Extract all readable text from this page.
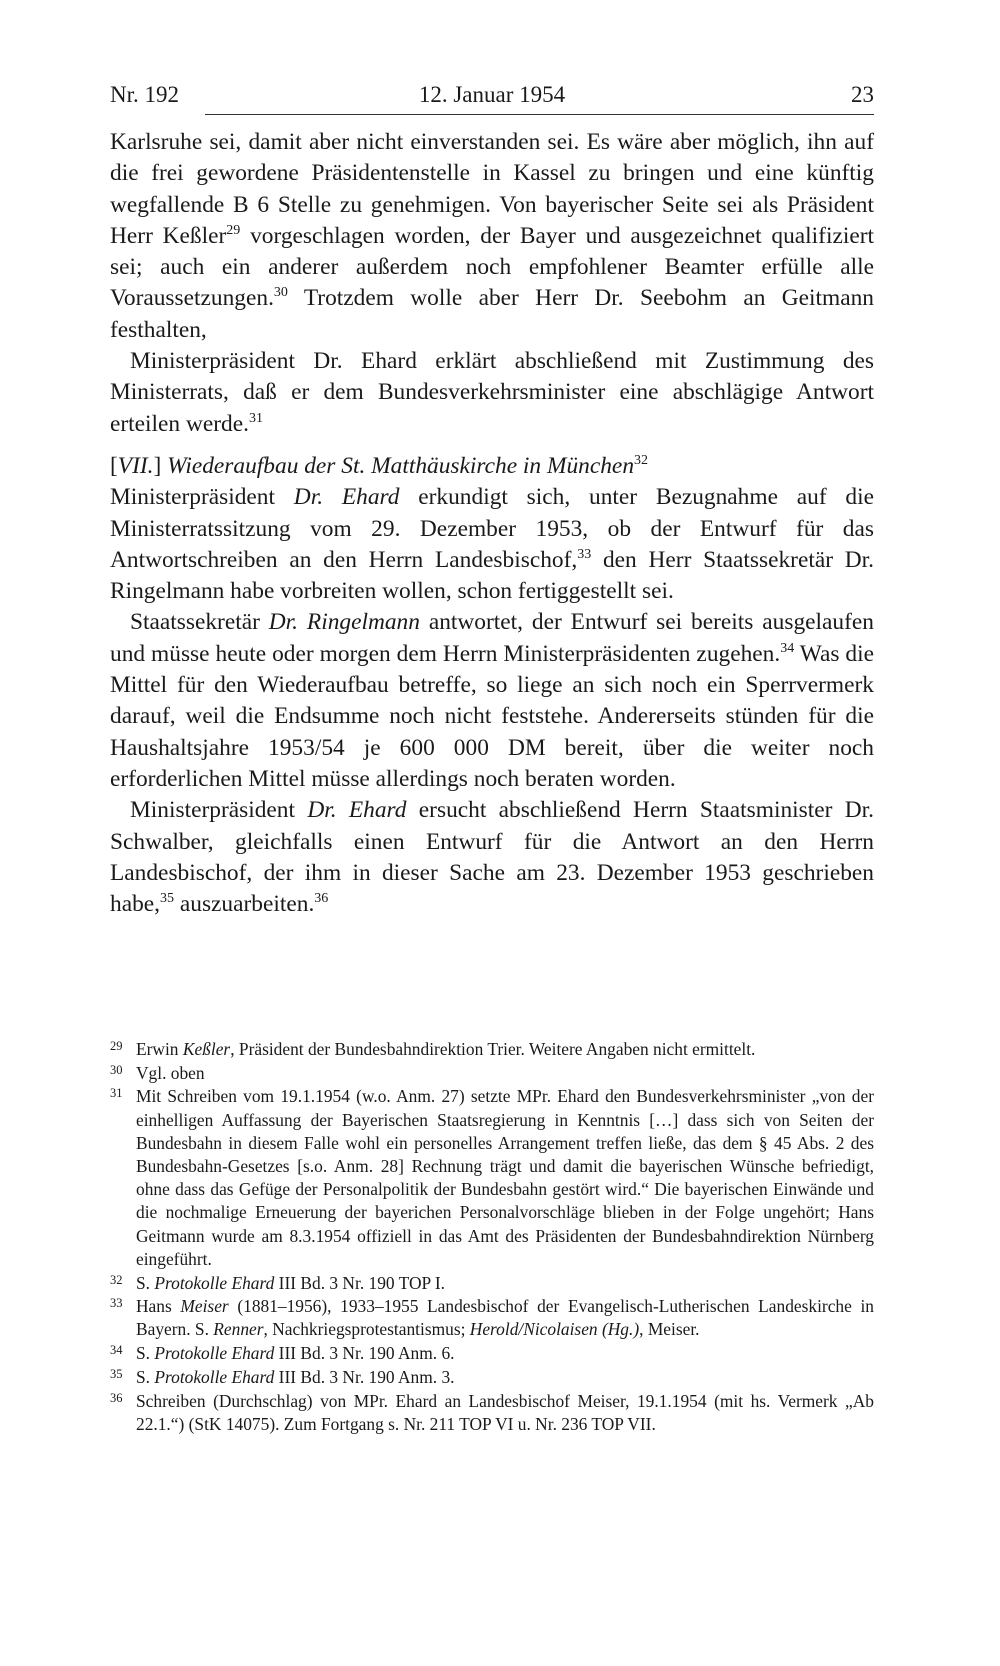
Nr. 192	12. Januar 1954	23

Karlsruhe sei, damit aber nicht einverstanden sei. Es wäre aber möglich, ihn auf die frei gewordene Präsidentenstelle in Kassel zu bringen und eine künftig wegfallende B 6 Stelle zu genehmigen. Von bayerischer Seite sei als Präsident Herr Keßler$^{29}$ vorgeschlagen worden, der Bayer und ausgezeichnet qualifiziert sei; auch ein anderer außerdem noch empfohlener Beamter erfülle alle Voraussetzungen.$^{30}$ Trotzdem wolle aber Herr Dr. Seebohm an Geitmann festhalten,

Ministerpräsident Dr. Ehard erklärt abschließend mit Zustimmung des Ministerrats, daß er dem Bundesverkehrsminister eine abschlägige Antwort erteilen werde.$^{31}$

[VII.] Wiederaufbau der St. Matthäuskirche in München$^{32}$

Ministerpräsident Dr. Ehard erkundigt sich, unter Bezugnahme auf die Ministerratssitzung vom 29. Dezember 1953, ob der Entwurf für das Antwortschreiben an den Herrn Landesbischof,$^{33}$ den Herr Staatssekretär Dr. Ringelmann habe vorbreiten wollen, schon fertiggestellt sei.

Staatssekretär Dr. Ringelmann antwortet, der Entwurf sei bereits ausgelaufen und müsse heute oder morgen dem Herrn Ministerpräsidenten zugehen.$^{34}$ Was die Mittel für den Wiederaufbau betreffe, so liege an sich noch ein Sperrvermerk darauf, weil die Endsumme noch nicht feststehe. Andererseits stünden für die Haushaltsjahre 1953/54 je 600 000 DM bereit, über die weiter noch erforderlichen Mittel müsse allerdings noch beraten worden.

Ministerpräsident Dr. Ehard ersucht abschließend Herrn Staatsminister Dr. Schwalber, gleichfalls einen Entwurf für die Antwort an den Herrn Landesbischof, der ihm in dieser Sache am 23. Dezember 1953 geschrieben habe,$^{35}$ auszuarbeiten.$^{36}$

29 Erwin Keßler, Präsident der Bundesbahndirektion Trier. Weitere Angaben nicht ermittelt.
30 Vgl. oben
31 Mit Schreiben vom 19.1.1954 (w.o. Anm. 27) setzte MPr. Ehard den Bundesverkehrsminister „von der einhelligen Auffassung der Bayerischen Staatsregierung in Kenntnis […] dass sich von Seiten der Bundesbahn in diesem Falle wohl ein personelles Arrangement treffen ließe, das dem § 45 Abs. 2 des Bundesbahn-Gesetzes [s.o. Anm. 28] Rechnung trägt und damit die bayerischen Wünsche befriedigt, ohne dass das Gefüge der Personalpolitik der Bundesbahn gestört wird.“ Die bayerischen Einwände und die nochmalige Erneuerung der bayerichen Personalvorschläge blieben in der Folge ungehört; Hans Geitmann wurde am 8.3.1954 offiziell in das Amt des Präsidenten der Bundesbahndirektion Nürnberg eingeführt.
32 S. Protokolle Ehard III Bd. 3 Nr. 190 TOP I.
33 Hans Meiser (1881–1956), 1933–1955 Landesbischof der Evangelisch-Lutherischen Landeskirche in Bayern. S. Renner, Nachkriegsprotestantismus; Herold/Nicolaisen (Hg.), Meiser.
34 S. Protokolle Ehard III Bd. 3 Nr. 190 Anm. 6.
35 S. Protokolle Ehard III Bd. 3 Nr. 190 Anm. 3.
36 Schreiben (Durchschlag) von MPr. Ehard an Landesbischof Meiser, 19.1.1954 (mit hs. Vermerk „Ab 22.1.“) (StK 14075). Zum Fortgang s. Nr. 211 TOP VI u. Nr. 236 TOP VII.
